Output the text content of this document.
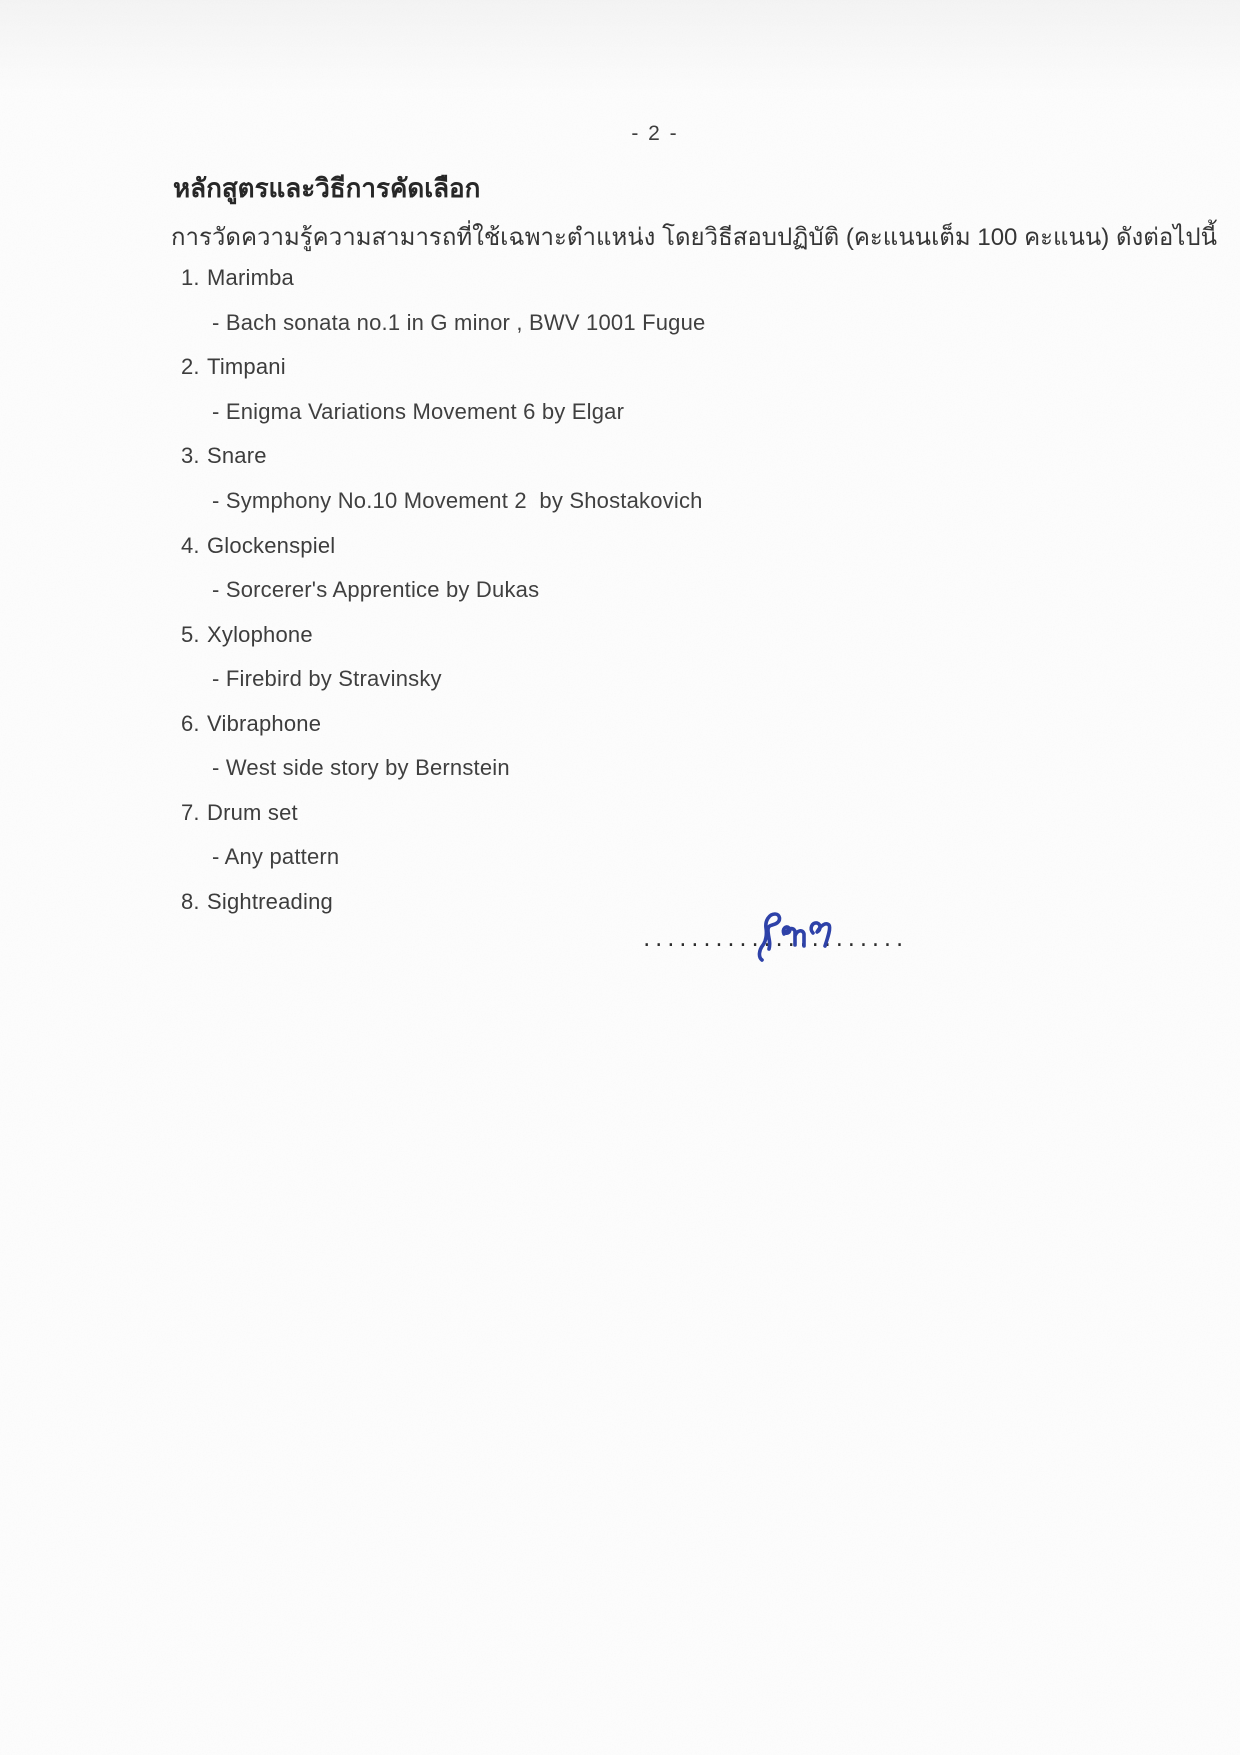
- 2 -
หลักสูตรและวิธีการคัดเลือก
การวัดความรู้ความสามารถที่ใช้เฉพาะตำแหน่ง โดยวิธีสอบปฏิบัติ (คะแนนเต็ม 100 คะแนน) ดังต่อไปนี้
1. Marimba
- Bach sonata no.1 in G minor , BWV 1001 Fugue
2. Timpani
- Enigma Variations Movement 6 by Elgar
3. Snare
- Symphony No.10 Movement 2  by Shostakovich
4. Glockenspiel
- Sorcerer's Apprentice by Dukas
5. Xylophone
- Firebird by Stravinsky
6. Vibraphone
- West side story by Bernstein
7. Drum set
- Any pattern
8. Sightreading
......................
